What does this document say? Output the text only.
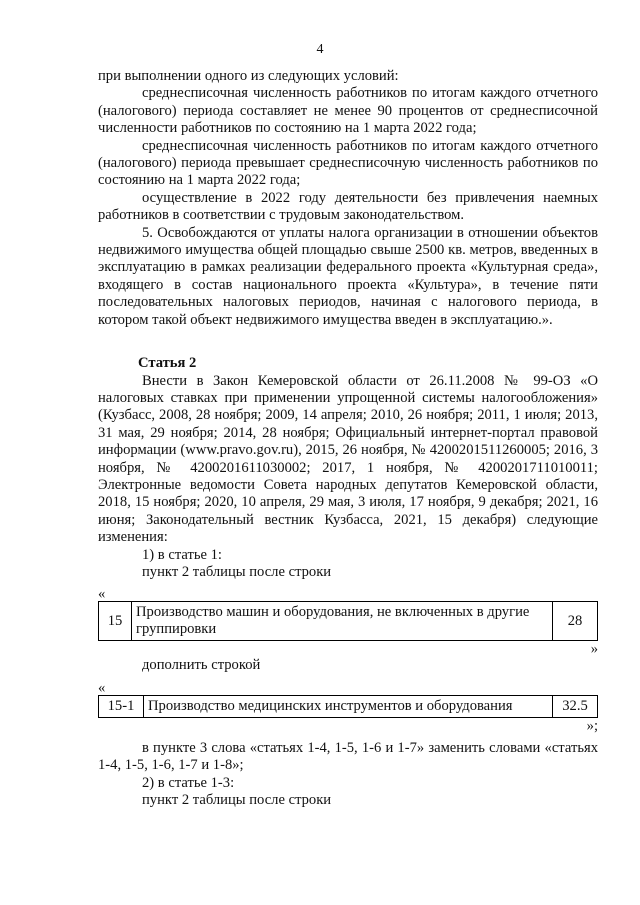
4

при выполнении одного из следующих условий:

среднесписочная численность работников по итогам каждого отчетного (налогового) периода составляет не менее 90 процентов от среднесписочной численности работников по состоянию на 1 марта 2022 года;

среднесписочная численность работников по итогам каждого отчетного (налогового) периода превышает среднесписочную численность работников по состоянию на 1 марта 2022 года;

осуществление в 2022 году деятельности без привлечения наемных работников в соответствии с трудовым законодательством.

5. Освобождаются от уплаты налога организации в отношении объектов недвижимого имущества общей площадью свыше 2500 кв. метров, введенных в эксплуатацию в рамках реализации федерального проекта «Культурная среда», входящего в состав национального проекта «Культура», в течение пяти последовательных налоговых периодов, начиная с налогового периода, в котором такой объект недвижимого имущества введен в эксплуатацию.».

Статья 2

Внести в Закон Кемеровской области от 26.11.2008 № 99-ОЗ «О налоговых ставках при применении упрощенной системы налогообложения» (Кузбасс, 2008, 28 ноября; 2009, 14 апреля; 2010, 26 ноября; 2011, 1 июля; 2013, 31 мая, 29 ноября; 2014, 28 ноября; Официальный интернет-портал правовой информации (www.pravo.gov.ru), 2015, 26 ноября, № 4200201511260005; 2016, 3 ноября, № 4200201611030002; 2017, 1 ноября, № 4200201711010011; Электронные ведомости Совета народных депутатов Кемеровской области, 2018, 15 ноября; 2020, 10 апреля, 29 мая, 3 июля, 17 ноября, 9 декабря; 2021, 16 июня; Законодательный вестник Кузбасса, 2021, 15 декабря) следующие изменения:

1) в статье 1:

пункт 2 таблицы после строки

«

15	Производство машин и оборудования, не включенных в другие группировки	28

»

дополнить строкой

«

15-1	Производство медицинских инструментов и оборудования	32.5

»;

в пункте 3 слова «статьях 1-4, 1-5, 1-6 и 1-7» заменить словами «статьях 1-4, 1-5, 1-6, 1-7 и 1-8»;

2) в статье 1-3:

пункт 2 таблицы после строки
